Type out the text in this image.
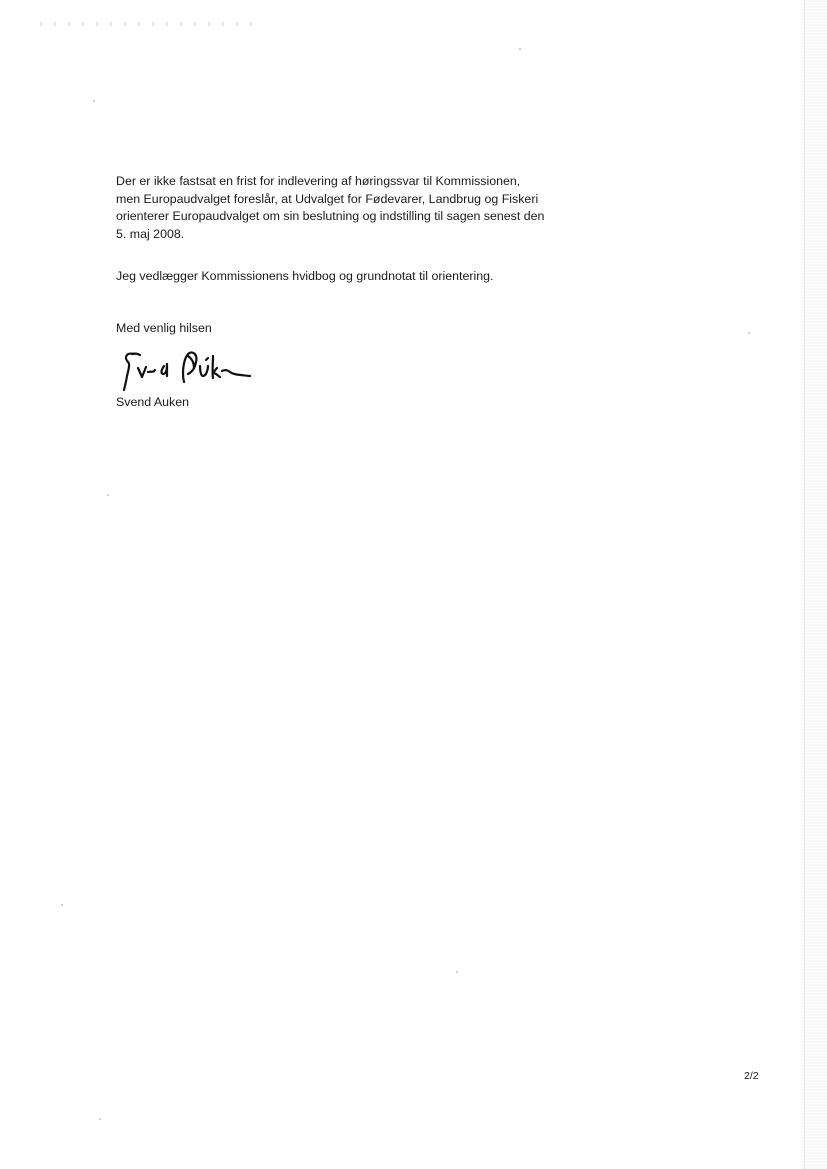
Der er ikke fastsat en frist for indlevering af høringssvar til Kommissionen,
men Europaudvalget foreslår, at Udvalget for Fødevarer, Landbrug og Fiskeri
orienterer Europaudvalget om sin beslutning og indstilling til sagen senest den
5. maj 2008.
Jeg vedlægger Kommissionens hvidbog og grundnotat til orientering.
Med venlig hilsen
Svend Auken
2/2
